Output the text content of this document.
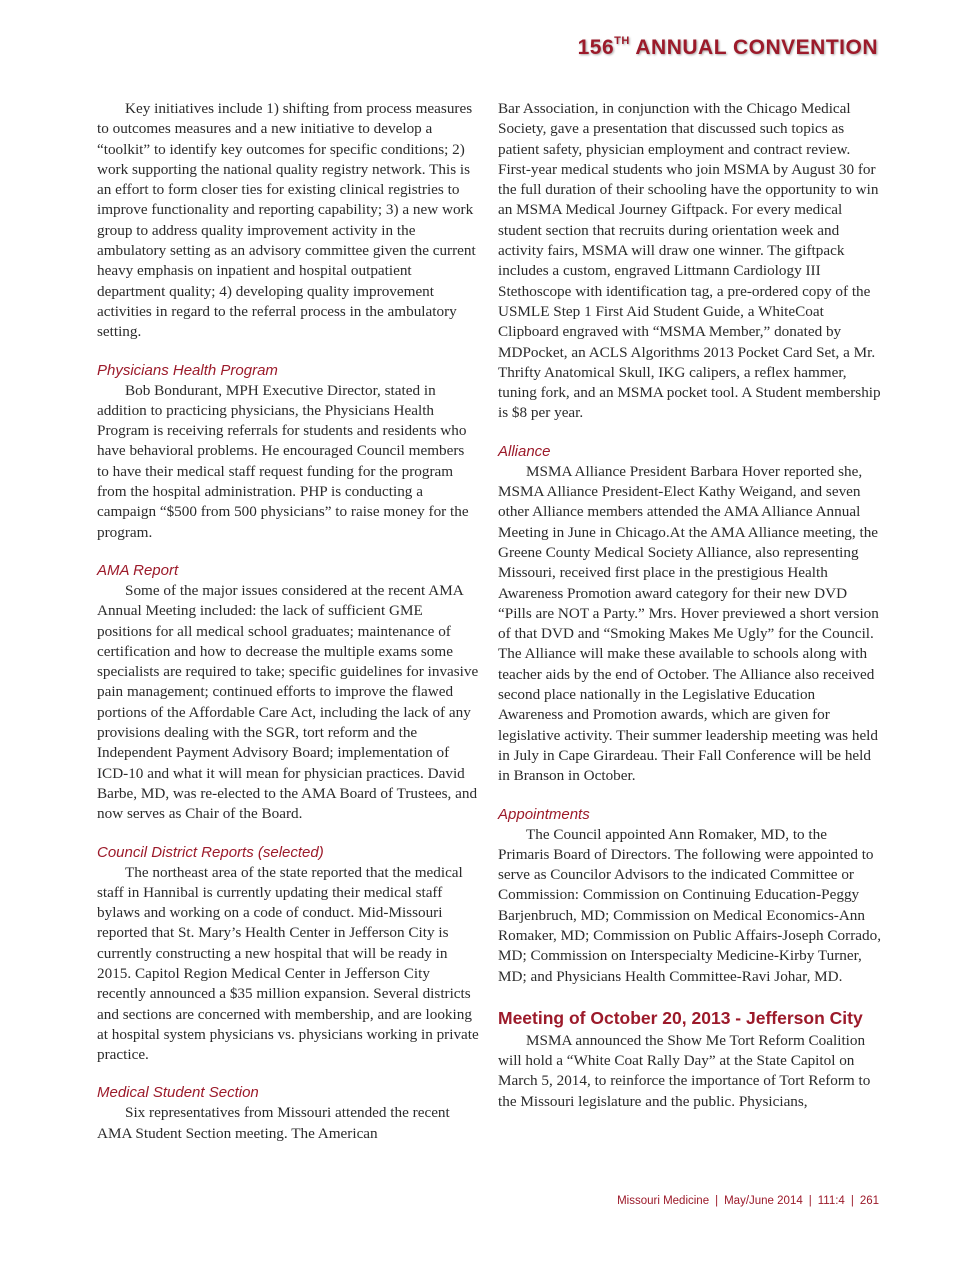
156TH ANNUAL CONVENTION

Key initiatives include 1) shifting from process measures to outcomes measures and a new initiative to develop a “toolkit” to identify key outcomes for specific conditions; 2) work supporting the national quality registry network. This is an effort to form closer ties for existing clinical registries to improve functionality and reporting capability; 3) a new work group to address quality improvement activity in the ambulatory setting as an advisory committee given the current heavy emphasis on inpatient and hospital outpatient department quality; 4) developing quality improvement activities in regard to the referral process in the ambulatory setting.

Physicians Health Program

Bob Bondurant, MPH Executive Director, stated in addition to practicing physicians, the Physicians Health Program is receiving referrals for students and residents who have behavioral problems. He encouraged Council members to have their medical staff request funding for the program from the hospital administration. PHP is conducting a campaign “$500 from 500 physicians” to raise money for the program.

AMA Report

Some of the major issues considered at the recent AMA Annual Meeting included: the lack of sufficient GME positions for all medical school graduates; maintenance of certification and how to decrease the multiple exams some specialists are required to take; specific guidelines for invasive pain management; continued efforts to improve the flawed portions of the Affordable Care Act, including the lack of any provisions dealing with the SGR, tort reform and the Independent Payment Advisory Board; implementation of ICD-10 and what it will mean for physician practices. David Barbe, MD, was re-elected to the AMA Board of Trustees, and now serves as Chair of the Board.

Council District Reports (selected)

The northeast area of the state reported that the medical staff in Hannibal is currently updating their medical staff bylaws and working on a code of conduct. Mid-Missouri reported that St. Mary’s Health Center in Jefferson City is currently constructing a new hospital that will be ready in 2015. Capitol Region Medical Center in Jefferson City recently announced a $35 million expansion. Several districts and sections are concerned with membership, and are looking at hospital system physicians vs. physicians working in private practice.

Medical Student Section

Six representatives from Missouri attended the recent AMA Student Section meeting. The American

Bar Association, in conjunction with the Chicago Medical Society, gave a presentation that discussed such topics as patient safety, physician employment and contract review. First-year medical students who join MSMA by August 30 for the full duration of their schooling have the opportunity to win an MSMA Medical Journey Giftpack. For every medical student section that recruits during orientation week and activity fairs, MSMA will draw one winner. The giftpack includes a custom, engraved Littmann Cardiology III Stethoscope with identification tag, a pre-ordered copy of the USMLE Step 1 First Aid Student Guide, a WhiteCoat Clipboard engraved with “MSMA Member,” donated by MDPocket, an ACLS Algorithms 2013 Pocket Card Set, a Mr. Thrifty Anatomical Skull, IKG calipers, a reflex hammer, tuning fork, and an MSMA pocket tool. A Student membership is $8 per year.

Alliance

MSMA Alliance President Barbara Hover reported she, MSMA Alliance President-Elect Kathy Weigand, and seven other Alliance members attended the AMA Alliance Annual Meeting in June in Chicago.At the AMA Alliance meeting, the Greene County Medical Society Alliance, also representing Missouri, received first place in the prestigious Health Awareness Promotion award category for their new DVD “Pills are NOT a Party.” Mrs. Hover previewed a short version of that DVD and “Smoking Makes Me Ugly” for the Council. The Alliance will make these available to schools along with teacher aids by the end of October. The Alliance also received second place nationally in the Legislative Education Awareness and Promotion awards, which are given for legislative activity. Their summer leadership meeting was held in July in Cape Girardeau. Their Fall Conference will be held in Branson in October.

Appointments

The Council appointed Ann Romaker, MD, to the Primaris Board of Directors. The following were appointed to serve as Councilor Advisors to the indicated Committee or Commission: Commission on Continuing Education-Peggy Barjenbruch, MD; Commission on Medical Economics-Ann Romaker, MD; Commission on Public Affairs-Joseph Corrado, MD; Commission on Interspecialty Medicine-Kirby Turner, MD; and Physicians Health Committee-Ravi Johar, MD.

Meeting of October 20, 2013 - Jefferson City

MSMA announced the Show Me Tort Reform Coalition will hold a “White Coat Rally Day” at the State Capitol on March 5, 2014, to reinforce the importance of Tort Reform to the Missouri legislature and the public. Physicians,

Missouri Medicine | May/June 2014 | 111:4 | 261
